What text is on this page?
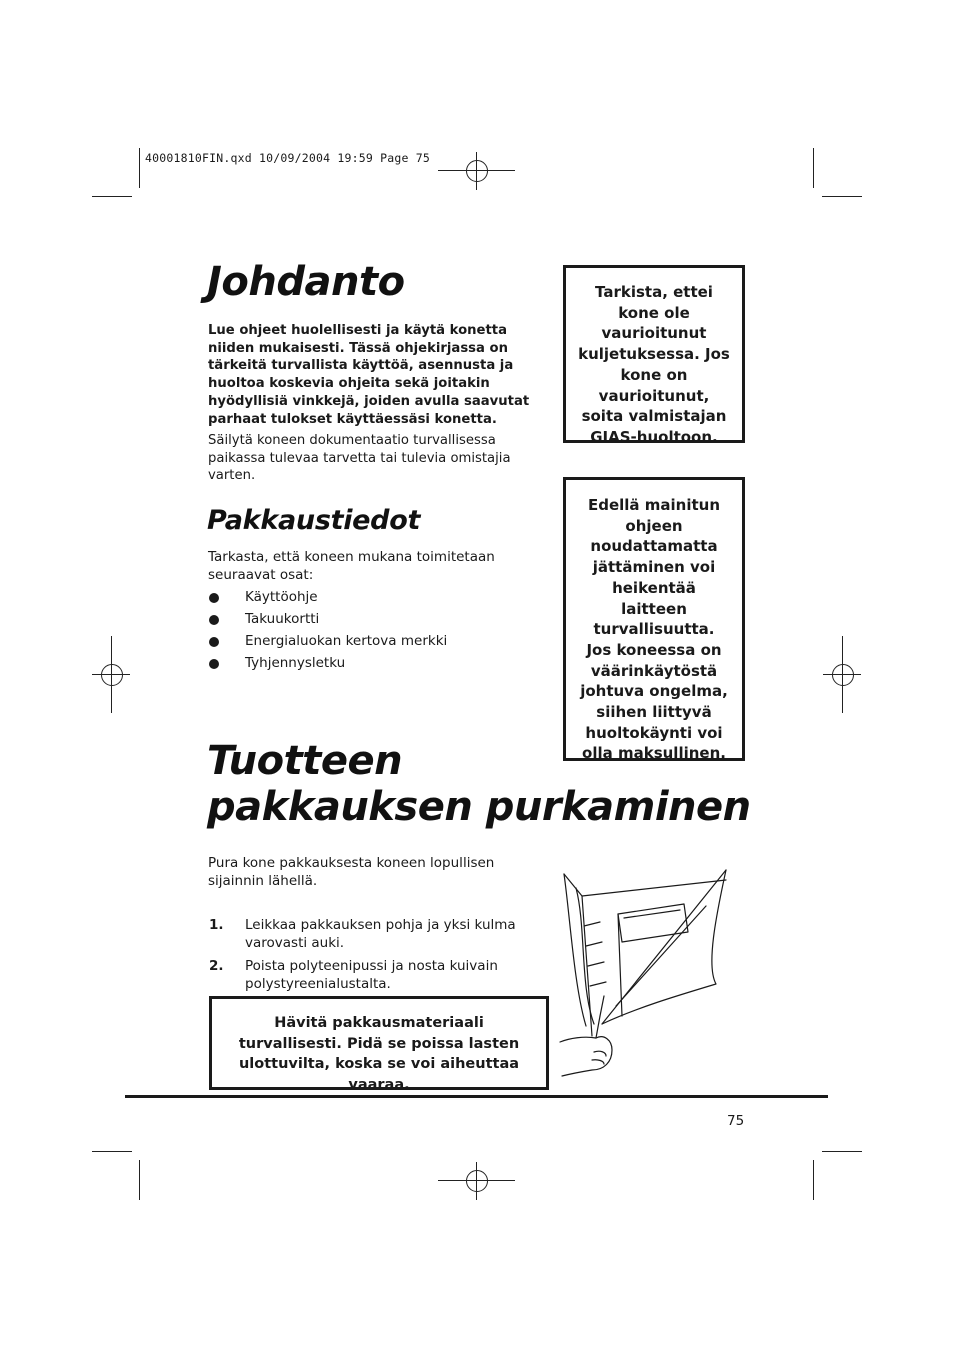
40001810FIN.qxd 10/09/2004 19:59 Page 75
Johdanto
Lue ohjeet huolellisesti ja käytä konetta niiden mukaisesti. Tässä ohjekirjassa on tärkeitä turvallista käyttöä, asennusta ja huoltoa koskevia ohjeita sekä joitakin hyödyllisiä vinkkejä, joiden avulla saavutat parhaat tulokset käyttäessäsi konetta.
Säilytä koneen dokumentaatio turvallisessa paikassa tulevaa tarvetta tai tulevia omistajia varten.
Pakkaustiedot
Tarkasta, että koneen mukana toimitetaan seuraavat osat:
Käyttöohje
Takuukortti
Energialuokan kertova merkki
Tyhjennysletku
Tarkista, ettei kone ole vaurioitunut kuljetuksessa. Jos kone on vaurioitunut, soita valmistajan GIAS-huoltoon.
Edellä mainitun ohjeen noudattamatta jättäminen voi heikentää laitteen turvallisuutta. Jos koneessa on väärinkäytöstä johtuva ongelma, siihen liittyvä huoltokäynti voi olla maksullinen.
Tuotteen
pakkauksen purkaminen
Pura kone pakkauksesta koneen lopullisen sijainnin lähellä.
1. Leikkaa pakkauksen pohja ja yksi kulma varovasti auki.
2. Poista polyteenipussi ja nosta kuivain polystyreenialustalta.
Hävitä pakkausmateriaali turvallisesti. Pidä se poissa lasten ulottuvilta, koska se voi aiheuttaa vaaraa.
75
